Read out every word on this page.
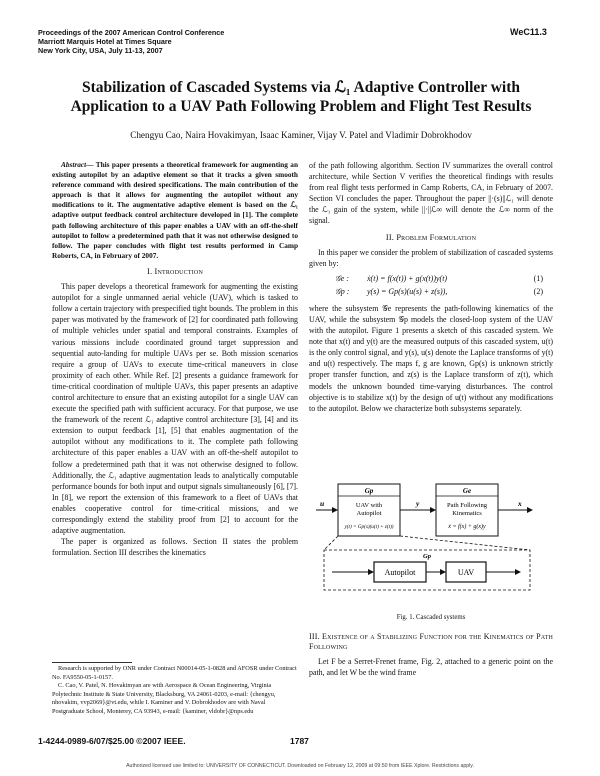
Proceedings of the 2007 American Control Conference
Marriott Marquis Hotel at Times Square
New York City, USA, July 11-13, 2007
WeC11.3
Stabilization of Cascaded Systems via ℒ₁ Adaptive Controller with
Application to a UAV Path Following Problem and Flight Test Results
Chengyu Cao, Naira Hovakimyan, Isaac Kaminer, Vijay V. Patel and Vladimir Dobrokhodov

Abstract— This paper presents a theoretical framework for augmenting an existing autopilot by an adaptive element so that it tracks a given smooth reference command with desired specifications. The main contribution of the approach is that it allows for augmenting the autopilot without any modifications to it. The augmentative adaptive element is based on the ℒ₁ adaptive output feedback control architecture developed in [1]. The complete path following architecture of this paper enables a UAV with an off-the-shelf autopilot to follow a predetermined path that it was not otherwise designed to follow. The paper concludes with flight test results performed in Camp Roberts, CA, in February of 2007.

I. Introduction

This paper develops a theoretical framework for augmenting the existing autopilot for a single unmanned aerial vehicle (UAV), which is tasked to follow a certain trajectory with prespecified tight bounds. The problem in this paper was motivated by the framework of [2] for coordinated path following of multiple vehicles under spatial and temporal constraints. Examples of various missions include coordinated ground target suppression and sequential auto-landing for multiple UAVs per se. Both mission scenarios require a group of UAVs to execute time-critical maneuvers in close proximity of each other. While Ref. [2] presents a guidance framework for time-critical coordination of multiple UAVs, this paper presents an adaptive control architecture to ensure that an existing autopilot for a single UAV can execute the specified path with sufficient accuracy. For that purpose, we use the framework of the recent ℒ₁ adaptive control architecture [3], [4] and its extension to output feedback [1], [5] that enables augmentation of the autopilot without any modifications to it. The complete path following architecture of this paper enables a UAV with an off-the-shelf autopilot to follow a predetermined path that it was not otherwise designed to follow. Additionally, the ℒ₁ adaptive augmentation leads to analytically computable performance bounds for both input and output signals simultaneously [6], [7]. In [8], we report the extension of this framework to a fleet of UAVs that enables cooperative control for time-critical missions, and we correspondingly extend the stability proof from [2] to account for the adaptive augmentation.

The paper is organized as follows. Section II states the problem formulation. Section III describes the kinematics

Research is supported by ONR under Contract N00014-05-1-0828 and AFOSR under Contract No. FA9550-05-1-0157.

C. Cao, V. Patel, N. Hovakimyan are with Aerospace & Ocean Engineering, Virginia Polytechnic Institute & State University, Blacksburg, VA 24061-0203, e-mail: {chengyu, nhovakim, vvp2069}@vt.edu, while I. Kaminer and V. Dobrokhodov are with Naval Postgraduate School, Monterey, CA 93943, e-mail: {kaminer, vldobr}@nps.edu

of the path following algorithm. Section IV summarizes the overall control architecture, while Section V verifies the theoretical findings with results from real flight tests performed in Camp Roberts, CA, in February of 2007. Section VI concludes the paper. Throughout the paper ||·(s)||ℒ₁ will denote the ℒ₁ gain of the system, while ||·||ℒ∞ will denote the ℒ∞ norm of the signal.

II. Problem Formulation

In this paper we consider the problem of stabilization of cascaded systems given by:

𝒢e : ẋ(t) = f(x(t)) + g(x(t))y(t)	(1)
𝒢p : y(s) = Gp(s)(u(s) + z(s)),	(2)

where the subsystem 𝒢e represents the path-following kinematics of the UAV, while the subsystem 𝒢p models the closed-loop system of the UAV with the autopilot. Figure 1 presents a sketch of this cascaded system. We note that x(t) and y(t) are the measured outputs of this cascaded system, u(t) is the only control signal, and y(s), u(s) denote the Laplace transforms of y(t) and u(t) respectively. The maps f, g are known, Gp(s) is unknown strictly proper transfer function, and z(s) is the Laplace transform of z(t), which models the unknown bounded time-varying disturbances. The control objective is to stabilize x(t) by the design of u(t) without any modifications to the autopilot. Below we characterize both subsystems separately.

Gp
UAV with
Autopilot
y(t) = Gp(s)(u(t) + z(t))
Ge
Path Following
Kinematics
ẋ = f(x) + g(x)y
u	y	x
Gp
Autopilot	UAV
Fig. 1. Cascaded systems

III. Existence of a Stabilizing Function for the Kinematics of Path Following

Let F be a Serret-Frenet frame, Fig. 2, attached to a generic point on the path, and let W be the wind frame

1-4244-0989-6/07/$25.00 ©2007 IEEE.	1787
Authorized licensed use limited to: UNIVERSITY OF CONNECTICUT. Downloaded on February 12, 2009 at 09:50 from IEEE Xplore. Restrictions apply.
